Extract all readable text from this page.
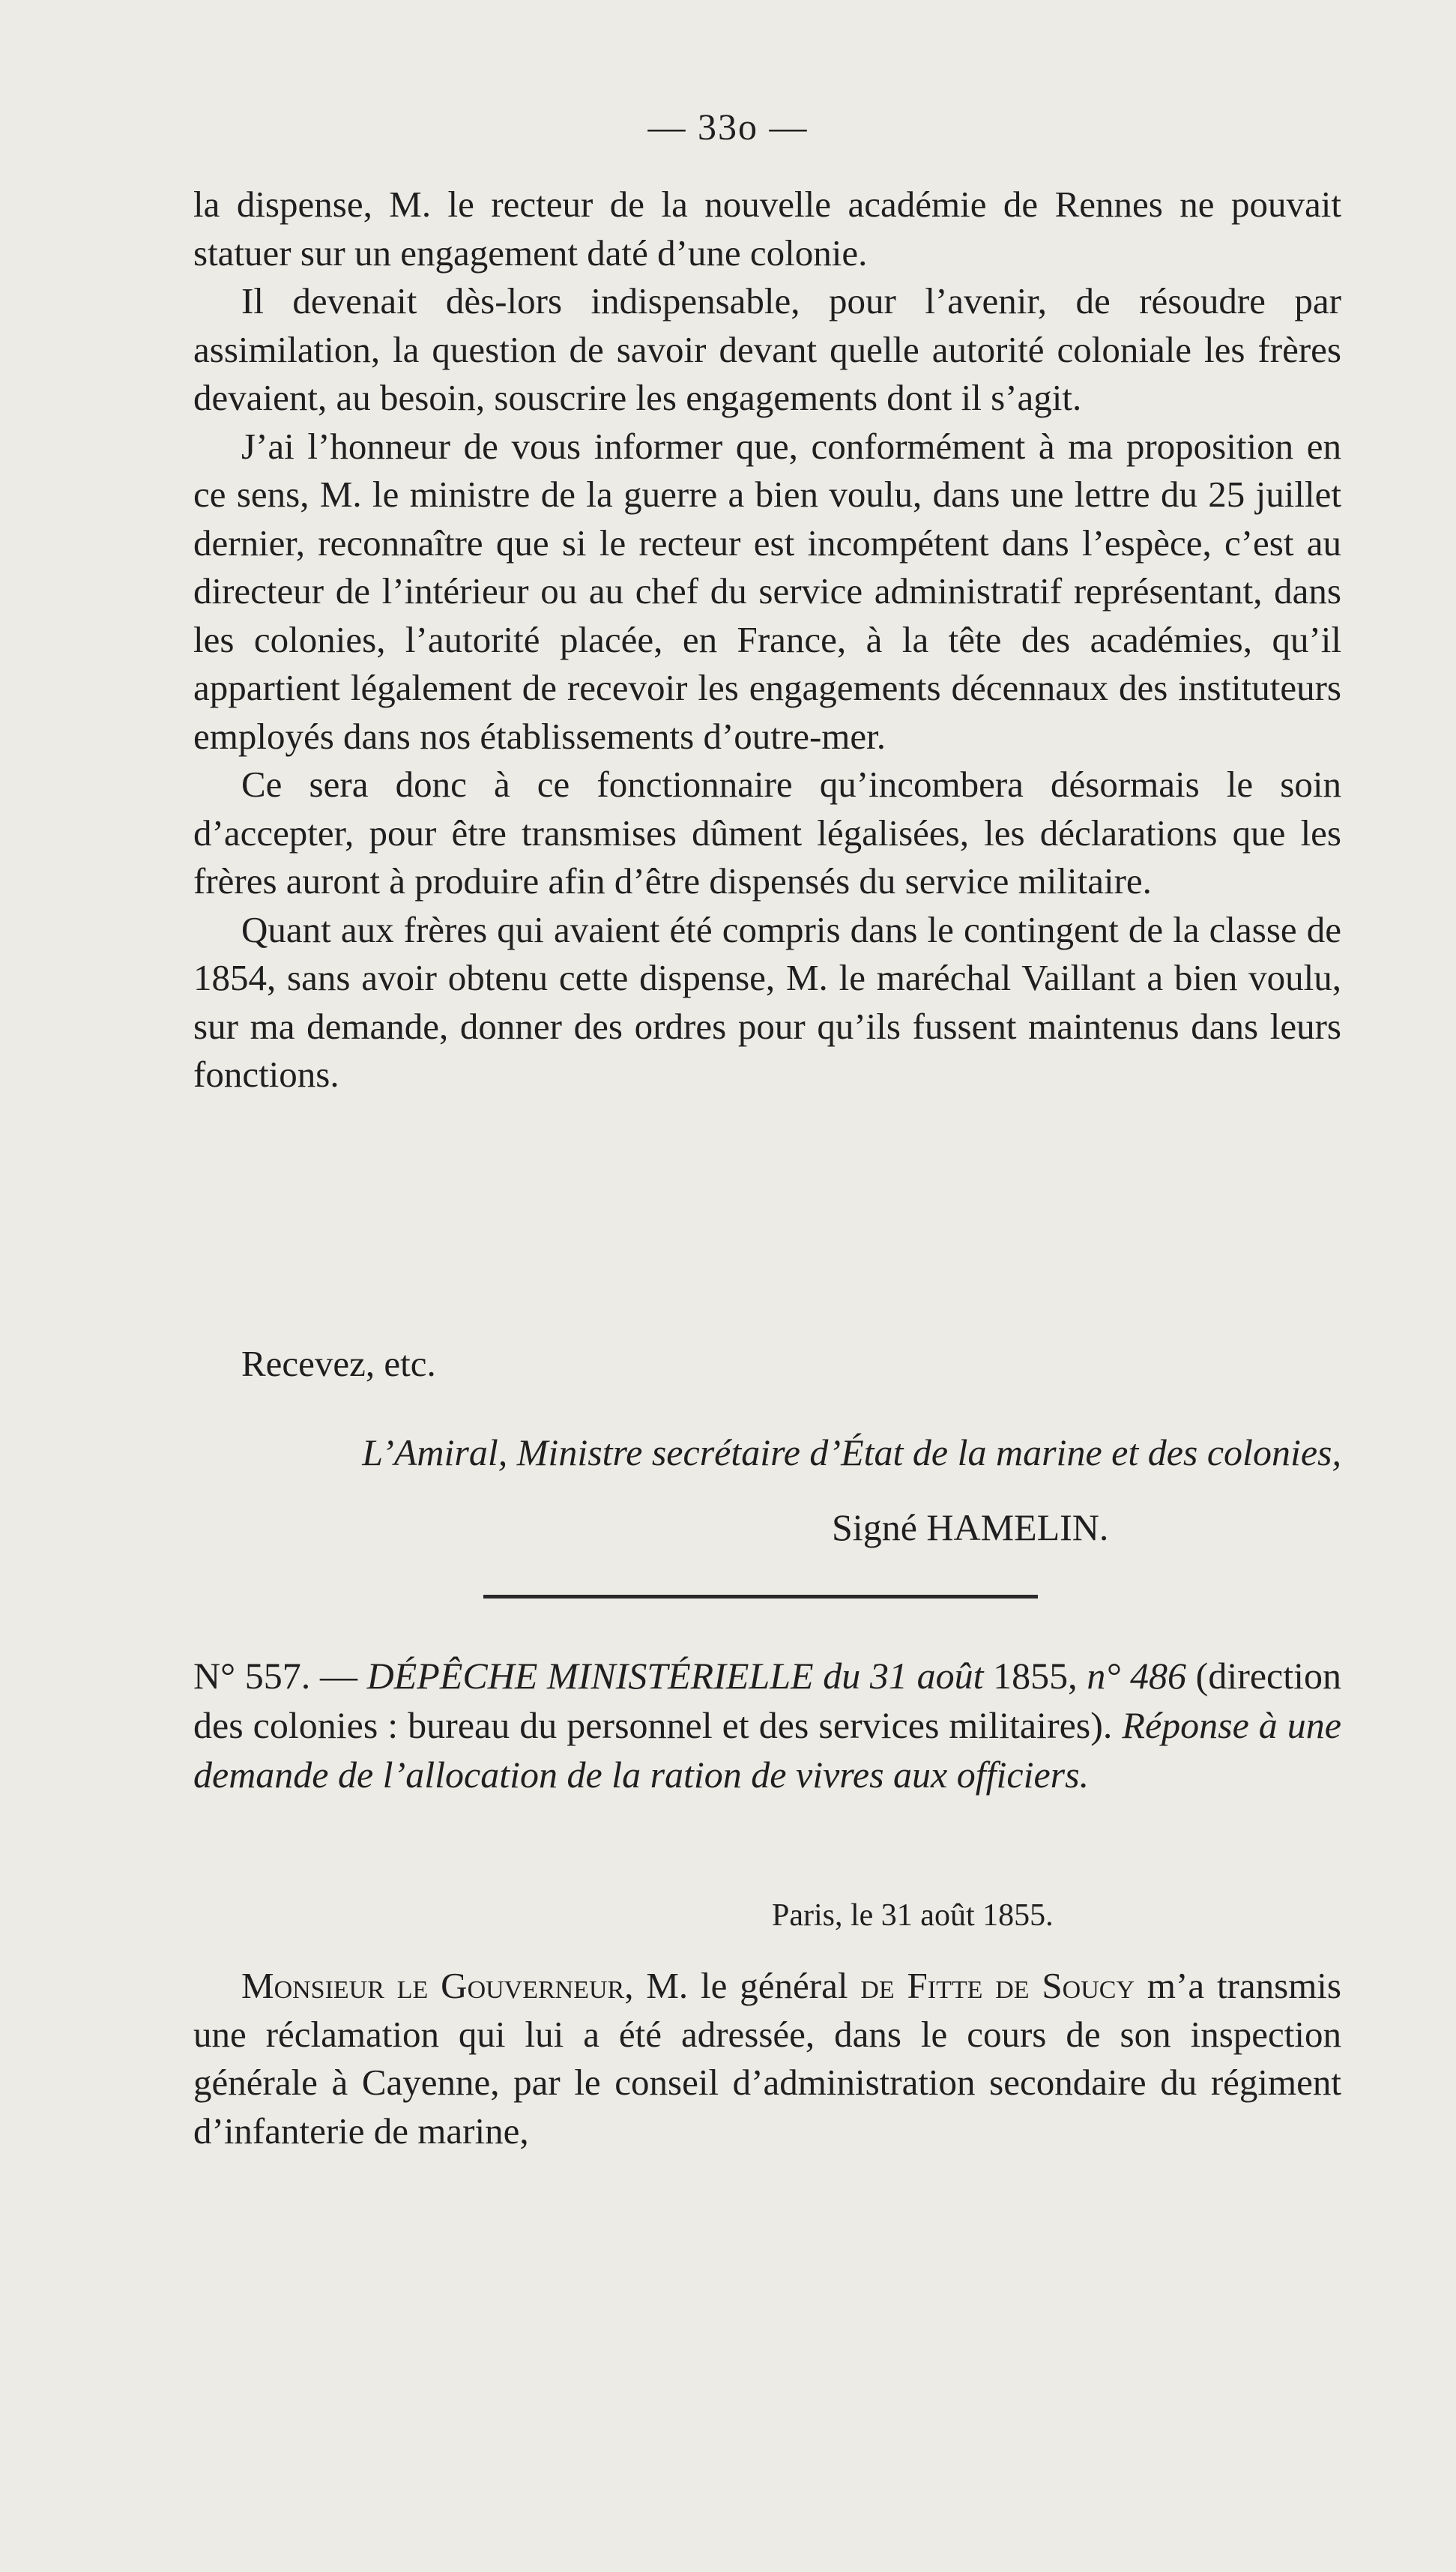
— 33o —

la dispense, M. le recteur de la nouvelle académie de Rennes ne pouvait statuer sur un engagement daté d’une colonie.

Il devenait dès-lors indispensable, pour l’avenir, de résoudre par assimilation, la question de savoir devant quelle autorité coloniale les frères devaient, au besoin, souscrire les engagements dont il s’agit.

J’ai l’honneur de vous informer que, conformément à ma proposition en ce sens, M. le ministre de la guerre a bien voulu, dans une lettre du 25 juillet dernier, reconnaître que si le recteur est incompétent dans l’espèce, c’est au directeur de l’intérieur ou au chef du service administratif représentant, dans les colonies, l’autorité placée, en France, à la tête des académies, qu’il appartient légalement de recevoir les engagements décennaux des instituteurs employés dans nos établissements d’outre-mer.

Ce sera donc à ce fonctionnaire qu’incombera désormais le soin d’accepter, pour être transmises dûment légalisées, les déclarations que les frères auront à produire afin d’être dispensés du service militaire.

Quant aux frères qui avaient été compris dans le contingent de la classe de 1854, sans avoir obtenu cette dispense, M. le maréchal Vaillant a bien voulu, sur ma demande, donner des ordres pour qu’ils fussent maintenus dans leurs fonctions.

Recevez, etc.
L’Amiral, Ministre secrétaire d’État de la marine et des colonies,
Signé HAMELIN.

N° 557. — DÉPÊCHE MINISTÉRIELLE du 31 août 1855, n° 486 (direction des colonies : bureau du personnel et des services militaires). Réponse à une demande de l’allocation de la ration de vivres aux officiers.

Paris, le 31 août 1855.

Monsieur le Gouverneur, M. le général de Fitte de Soucy m’a transmis une réclamation qui lui a été adressée, dans le cours de son inspection générale à Cayenne, par le conseil d’administration secondaire du régiment d’infanterie de marine,
